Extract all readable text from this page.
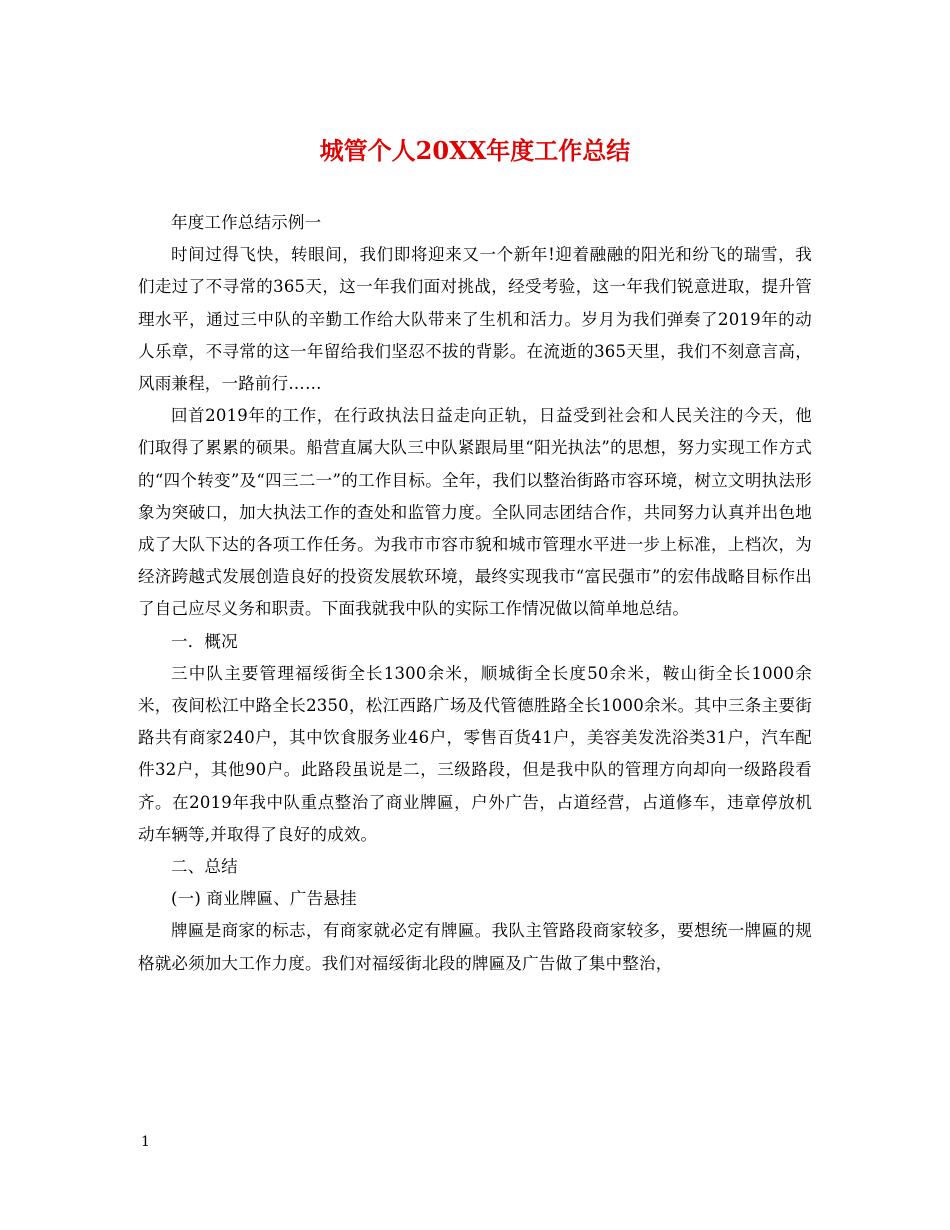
城管个人20XX年度工作总结

年度工作总结示例一

时间过得飞快，转眼间，我们即将迎来又一个新年!迎着融融的阳光和纷飞的瑞雪，我们走过了不寻常的365天，这一年我们面对挑战，经受考验，这一年我们锐意进取，提升管理水平，通过三中队的辛勤工作给大队带来了生机和活力。岁月为我们弹奏了2019年的动人乐章，不寻常的这一年留给我们坚忍不拔的背影。在流逝的365天里，我们不刻意言高，风雨兼程，一路前行……

回首2019年的工作，在行政执法日益走向正轨，日益受到社会和人民关注的今天，他们取得了累累的硕果。船营直属大队三中队紧跟局里“阳光执法”的思想，努力实现工作方式的“四个转变”及“四三二一”的工作目标。全年，我们以整治街路市容环境，树立文明执法形象为突破口，加大执法工作的查处和监管力度。全队同志团结合作，共同努力认真并出色地成了大队下达的各项工作任务。为我市市容市貌和城市管理水平进一步上标准，上档次，为经济跨越式发展创造良好的投资发展软环境，最终实现我市“富民强市”的宏伟战略目标作出了自己应尽义务和职责。下面我就我中队的实际工作情况做以简单地总结。

一．概况

三中队主要管理福绥街全长1300余米，顺城街全长度50余米，鞍山街全长1000余米，夜间松江中路全长2350，松江西路广场及代管德胜路全长1000余米。其中三条主要街路共有商家240户，其中饮食服务业46户，零售百货41户，美容美发洗浴类31户，汽车配件32户，其他90户。此路段虽说是二，三级路段，但是我中队的管理方向却向一级路段看齐。在2019年我中队重点整治了商业牌匾，户外广告，占道经营，占道修车，违章停放机动车辆等,并取得了良好的成效。

二、总结

(一) 商业牌匾、广告悬挂

牌匾是商家的标志，有商家就必定有牌匾。我队主管路段商家较多，要想统一牌匾的规格就必须加大工作力度。我们对福绥街北段的牌匾及广告做了集中整治，

1
